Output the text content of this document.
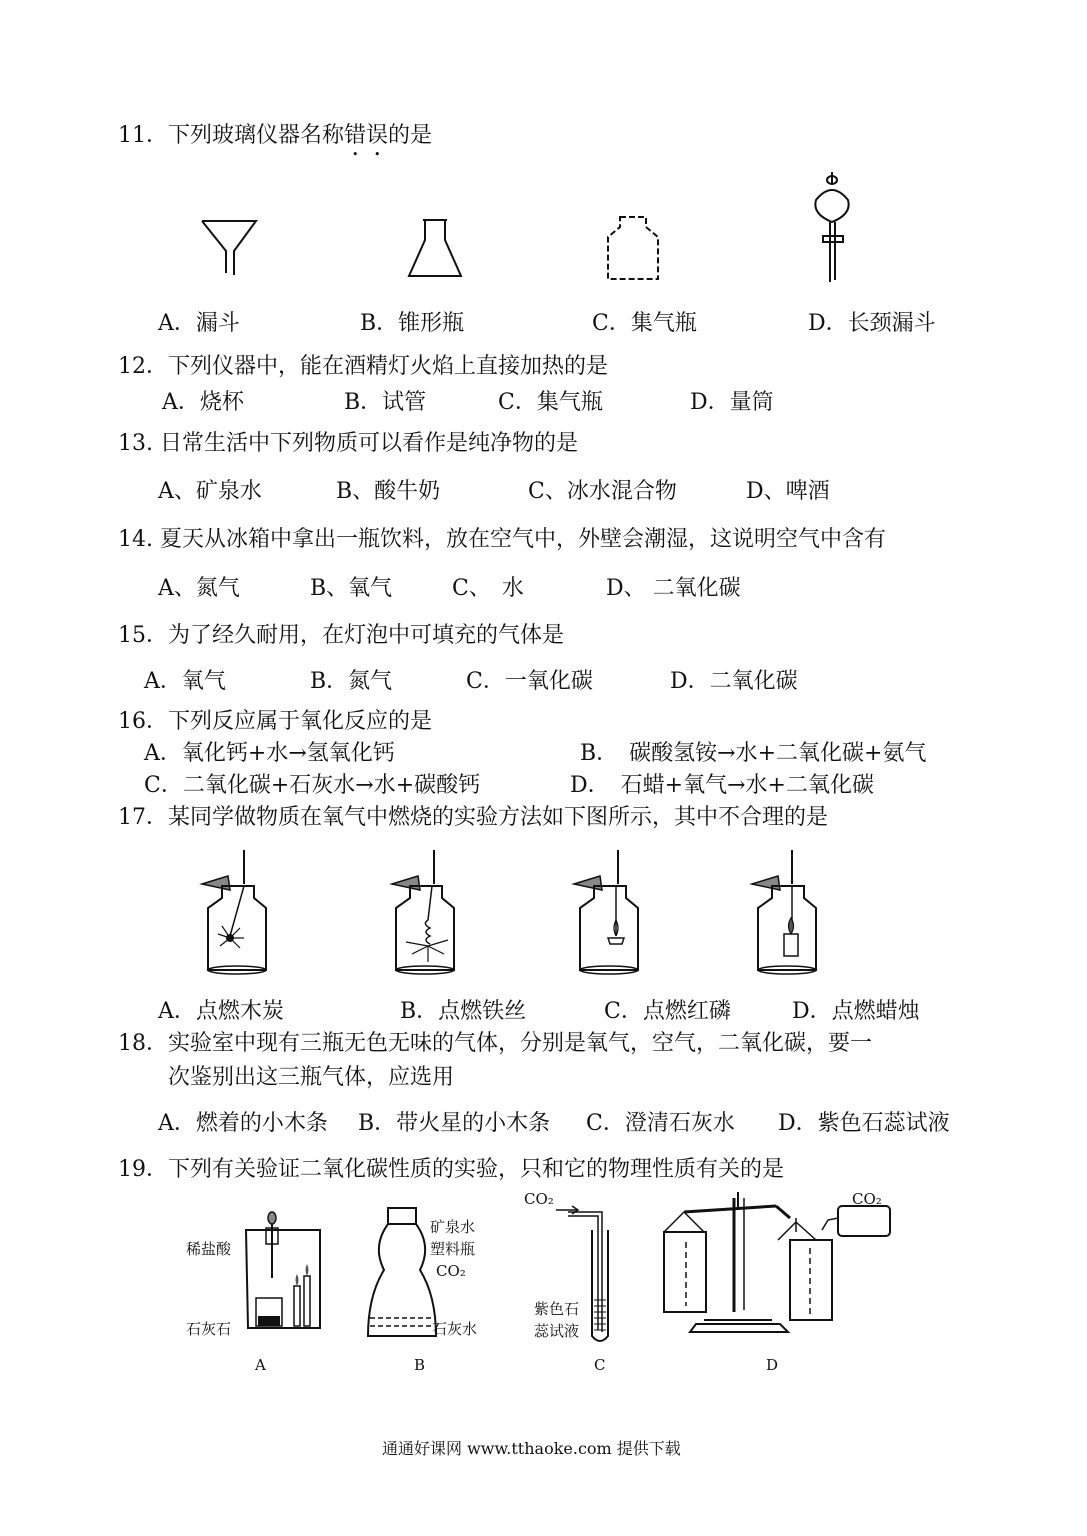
11．下列玻璃仪器名称错误的是
A．漏斗	B．锥形瓶	C．集气瓶	D．长颈漏斗
12．下列仪器中，能在酒精灯火焰上直接加热的是
A．烧杯	B．试管	C．集气瓶	D．量筒
13. 日常生活中下列物质可以看作是纯净物的是
A、矿泉水	B、酸牛奶	C、冰水混合物	D、啤酒
14. 夏天从冰箱中拿出一瓶饮料，放在空气中，外壁会潮湿，这说明空气中含有
A、氮气	B、氧气	C、　水	D、 二氧化碳
15．为了经久耐用，在灯泡中可填充的气体是
A．氧气	B．氮气	C．一氧化碳	D．二氧化碳
16．下列反应属于氧化反应的是
A．氧化钙+水→氢氧化钙	B．　碳酸氢铵→水+二氧化碳+氨气
C．二氧化碳+石灰水→水+碳酸钙	D．　石蜡+氧气→水+二氧化碳
17．某同学做物质在氧气中燃烧的实验方法如下图所示，其中不合理的是
A．点燃木炭	B．点燃铁丝	C．点燃红磷	D．点燃蜡烛
18．实验室中现有三瓶无色无味的气体，分别是氧气，空气，二氧化碳，要一
次鉴别出这三瓶气体，应选用
A．燃着的小木条 B．带火星的小木条 C．澄清石灰水 D．紫色石蕊试液
19．下列有关验证二氧化碳性质的实验，只和它的物理性质有关的是
稀盐酸
石灰石
A
矿泉水
塑料瓶
CO₂
石灰水
B
CO₂
紫色石
蕊试液
C
CO₂
D
通通好课网 www.tthaoke.com 提供下载
